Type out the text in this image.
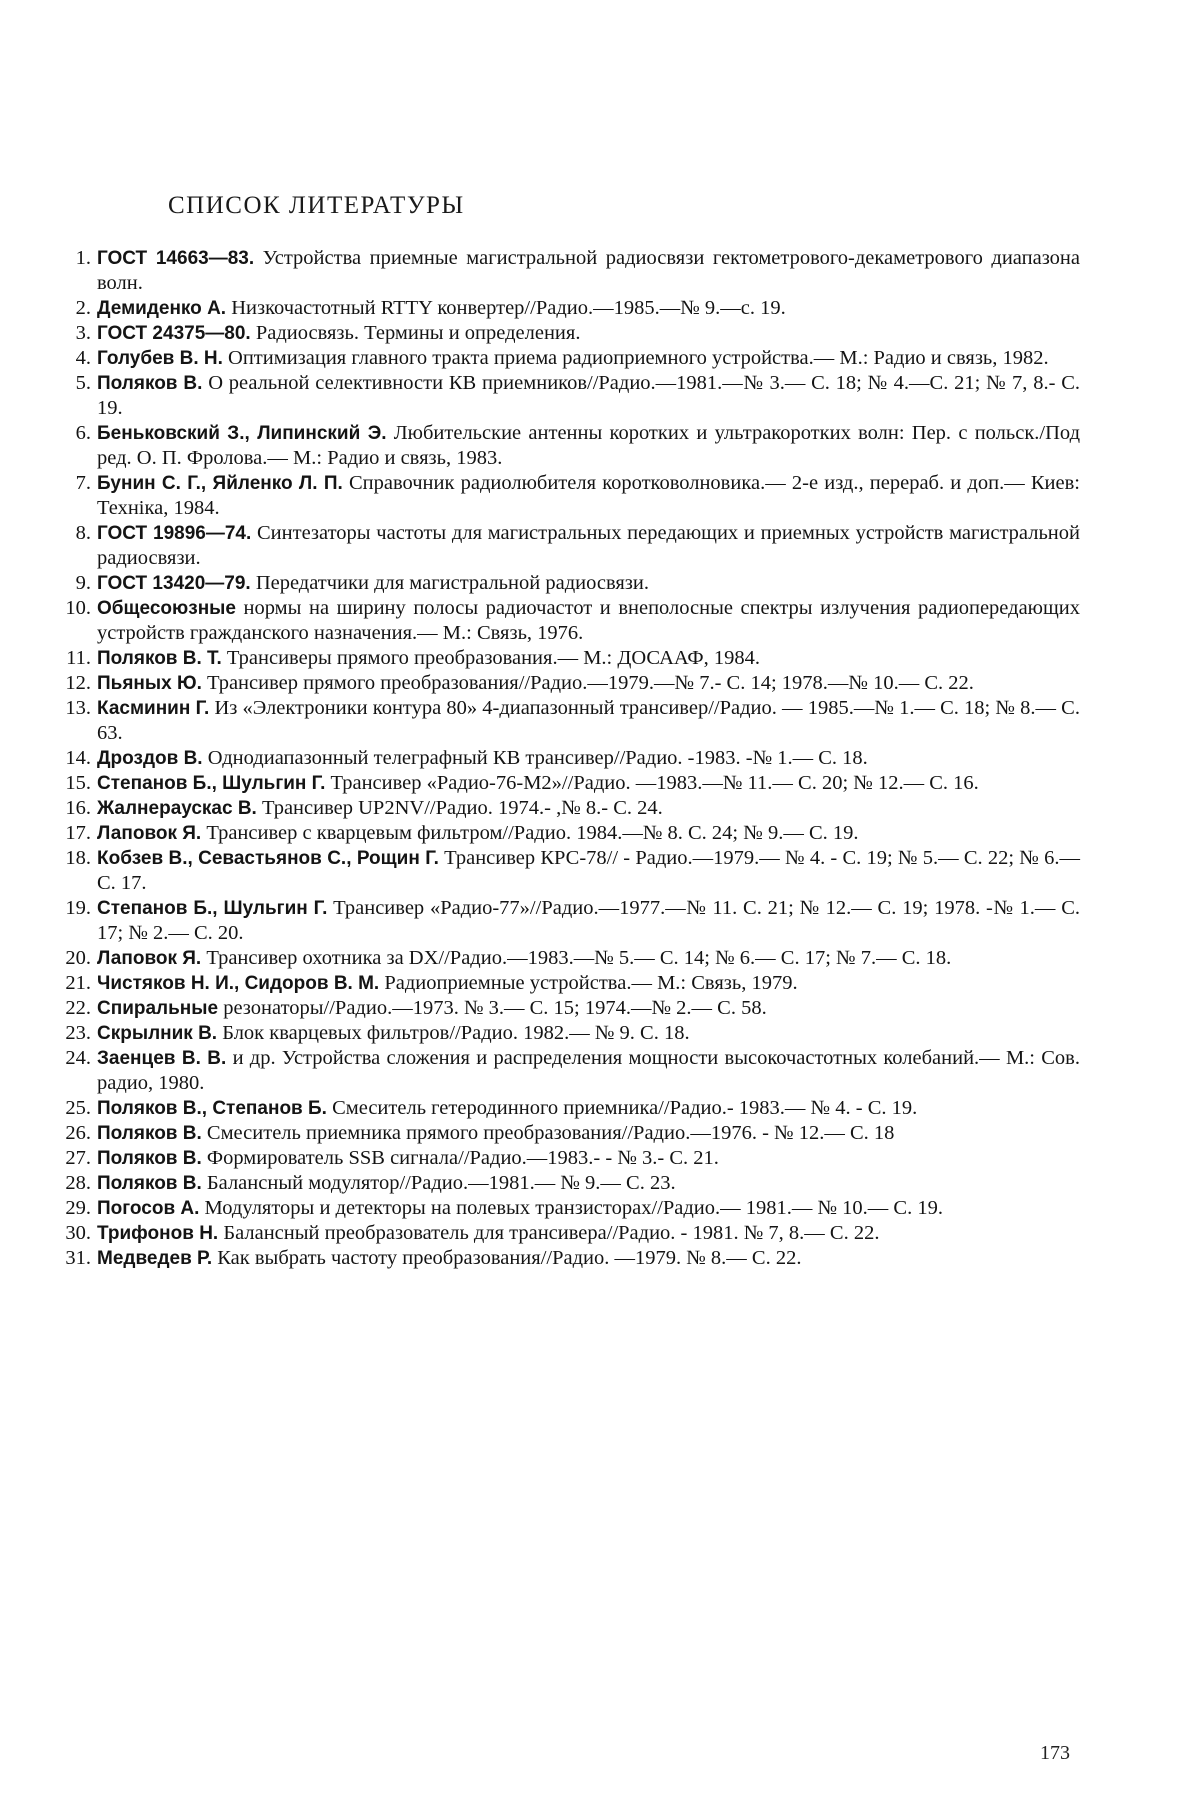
СПИСОК ЛИТЕРАТУРЫ
1. ГОСТ 14663—83. Устройства приемные магистральной радиосвязи гектометрового-декаметрового диапазона волн.
2. Демиденко А. Низкочастотный RTTY конвертер//Радио.—1985.—№ 9.—с. 19.
3. ГОСТ 24375—80. Радиосвязь. Термины и определения.
4. Голубев В. Н. Оптимизация главного тракта приема радиоприемного устройства.— М.: Радио и связь, 1982.
5. Поляков В. О реальной селективности КВ приемников//Радио.—1981.—№ 3.— С. 18; № 4.—С. 21; № 7, 8.- С. 19.
6. Беньковский З., Липинский Э. Любительские антенны коротких и ультракоротких волн: Пер. с польск./Под ред. О. П. Фролова.— М.: Радио и связь, 1983.
7. Бунин С. Г., Яйленко Л. П. Справочник радиолюбителя коротковолновика.— 2-е изд., перераб. и доп.— Киев: Техніка, 1984.
8. ГОСТ 19896—74. Синтезаторы частоты для магистральных передающих и приемных устройств магистральной радиосвязи.
9. ГОСТ 13420—79. Передатчики для магистральной радиосвязи.
10. Общесоюзные нормы на ширину полосы радиочастот и внеполосные спектры излучения радиопередающих устройств гражданского назначения.— М.: Связь, 1976.
11. Поляков В. Т. Трансиверы прямого преобразования.— М.: ДОСААФ, 1984.
12. Пьяных Ю. Трансивер прямого преобразования//Радио.—1979.—№ 7.- С. 14; 1978.—№ 10.— С. 22.
13. Касминин Г. Из «Электроники контура 80» 4-диапазонный трансивер//Радио. — 1985.—№ 1.— С. 18; № 8.— С. 63.
14. Дроздов В. Однодиапазонный телеграфный КВ трансивер//Радио. -1983. -№ 1.— С. 18.
15. Степанов Б., Шульгин Г. Трансивер «Радио-76-М2»//Радио. —1983.—№ 11.— С. 20; № 12.— С. 16.
16. Жалнераускас В. Трансивер UP2NV//Радио. 1974.- ,№ 8.- С. 24.
17. Лаповок Я. Трансивер с кварцевым фильтром//Радио. 1984.—№ 8. С. 24; № 9.— С. 19.
18. Кобзев В., Севастьянов С., Рощин Г. Трансивер КРС-78// - Радио.—1979.— № 4. - С. 19; № 5.— С. 22; № 6.— С. 17.
19. Степанов Б., Шульгин Г. Трансивер «Радио-77»//Радио.—1977.—№ 11. С. 21; № 12.— С. 19; 1978. -№ 1.— С. 17; № 2.— С. 20.
20. Лаповок Я. Трансивер охотника за DX//Радио.—1983.—№ 5.— С. 14; № 6.— С. 17; № 7.— С. 18.
21. Чистяков Н. И., Сидоров В. М. Радиоприемные устройства.— М.: Связь, 1979.
22. Спиральные резонаторы//Радио.—1973. № 3.— С. 15; 1974.—№ 2.— С. 58.
23. Скрылник В. Блок кварцевых фильтров//Радио. 1982.— № 9. С. 18.
24. Заенцев В. В. и др. Устройства сложения и распределения мощности высокочастотных колебаний.— М.: Сов. радио, 1980.
25. Поляков В., Степанов Б. Смеситель гетеродинного приемника//Радио.- 1983.— № 4. - С. 19.
26. Поляков В. Смеситель приемника прямого преобразования//Радио.—1976. - № 12.— С. 18
27. Поляков В. Формирователь SSB сигнала//Радио.—1983.- - № 3.- С. 21.
28. Поляков В. Балансный модулятор//Радио.—1981.— № 9.— С. 23.
29. Погосов А. Модуляторы и детекторы на полевых транзисторах//Радио.— 1981.— № 10.— С. 19.
30. Трифонов Н. Балансный преобразователь для трансивера//Радио. - 1981. № 7, 8.— С. 22.
31. Медведев Р. Как выбрать частоту преобразования//Радио. —1979. № 8.— С. 22.
173
